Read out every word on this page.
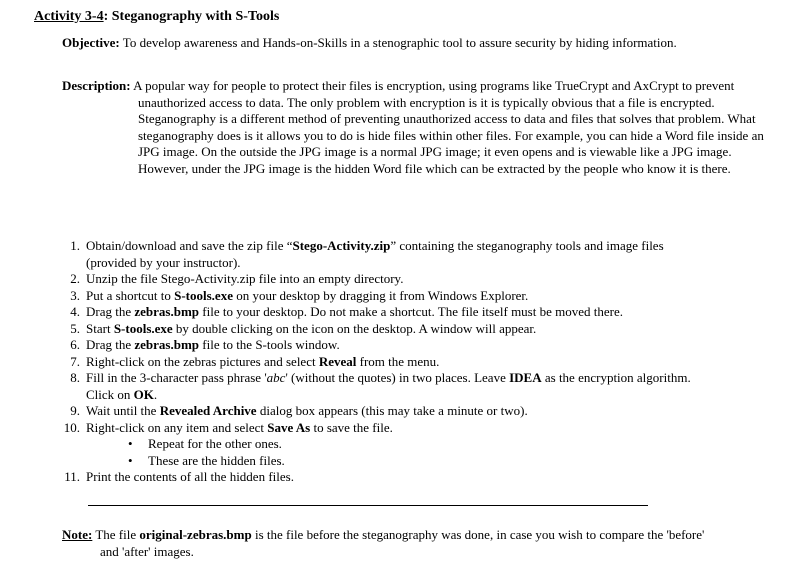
Activity 3-4: Steganography with S-Tools
Objective: To develop awareness and Hands-on-Skills in a stenographic tool to assure security by hiding information.
Description: A popular way for people to protect their files is encryption, using programs like TrueCrypt and AxCrypt to prevent unauthorized access to data. The only problem with encryption is it is typically obvious that a file is encrypted. Steganography is a different method of preventing unauthorized access to data and files that solves that problem. What steganography does is it allows you to do is hide files within other files. For example, you can hide a Word file inside an JPG image. On the outside the JPG image is a normal JPG image; it even opens and is viewable like a JPG image. However, under the JPG image is the hidden Word file which can be extracted by the people who know it is there.
1. Obtain/download and save the zip file “Stego-Activity.zip” containing the steganography tools and image files (provided by your instructor).
2. Unzip the file Stego-Activity.zip file into an empty directory.
3. Put a shortcut to S-tools.exe on your desktop by dragging it from Windows Explorer.
4. Drag the zebras.bmp file to your desktop. Do not make a shortcut. The file itself must be moved there.
5. Start S-tools.exe by double clicking on the icon on the desktop. A window will appear.
6. Drag the zebras.bmp file to the S-tools window.
7. Right-click on the zebras pictures and select Reveal from the menu.
8. Fill in the 3-character pass phrase 'abc' (without the quotes) in two places. Leave IDEA as the encryption algorithm. Click on OK.
9. Wait until the Revealed Archive dialog box appears (this may take a minute or two).
10. Right-click on any item and select Save As to save the file.
• Repeat for the other ones.
• These are the hidden files.
11. Print the contents of all the hidden files.
Note: The file original-zebras.bmp is the file before the steganography was done, in case you wish to compare the 'before' and 'after' images.
